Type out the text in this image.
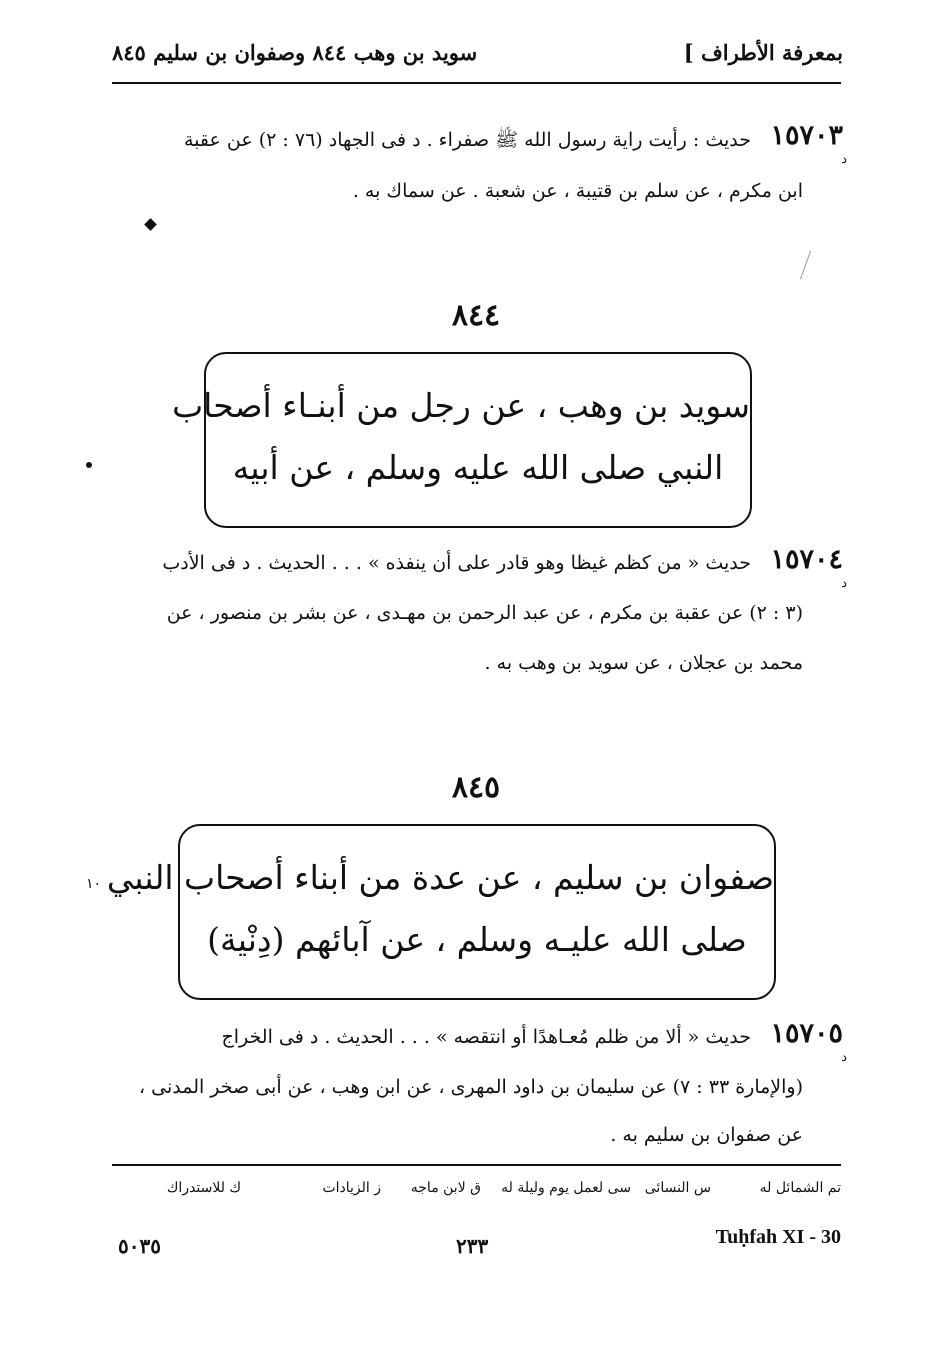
بمعرفة الأطراف ]
سويد بن وهب ٨٤٤ وصفوان بن سليم ٨٤٥
١٥٧٠٣
د
حديث : رأيت راية رسول الله ﷺ صفراء . د فى الجهاد (٧٦ : ٢) عن عقبة
ابن مكرم ، عن سلم بن قتيبة ، عن شعبة . عن سماك به .
٨٤٤
سويد بن وهب ، عن رجل من أبنـاء أصحاب
النبي صلى الله عليه وسلم ، عن أبيه
١٥٧٠٤
د
حديث « من كظم غيظا وهو قادر على أن ينفذه » . . . الحديث . د فى الأدب
(٣ : ٢) عن عقبة بن مكرم ، عن عبد الرحمن بن مهـدى ، عن بشر بن منصور ، عن
محمد بن عجلان ، عن سويد بن وهب به .
٨٤٥
صفوان بن سليم ، عن عدة من أبناء أصحاب النبي
صلى الله عليـه وسلم ، عن آبائهم (دِنْية)
١٠
١٥٧٠٥
د
حديث « ألا من ظلم مُعـاهدًا أو انتقصه » . . . الحديث . د فى الخراج
(والإمارة ٣٣ : ٧) عن سليمان بن داود المهرى ، عن ابن وهب ، عن أبى صخر المدنى ،
عن صفوان بن سليم به .
تم الشمائل له
س النسائى
سى لعمل يوم وليلة له
ق لابن ماجه
ز الزيادات
ك للاستدراك
Tuḥfah XI - 30
٢٣٣
٥٠٣٥
